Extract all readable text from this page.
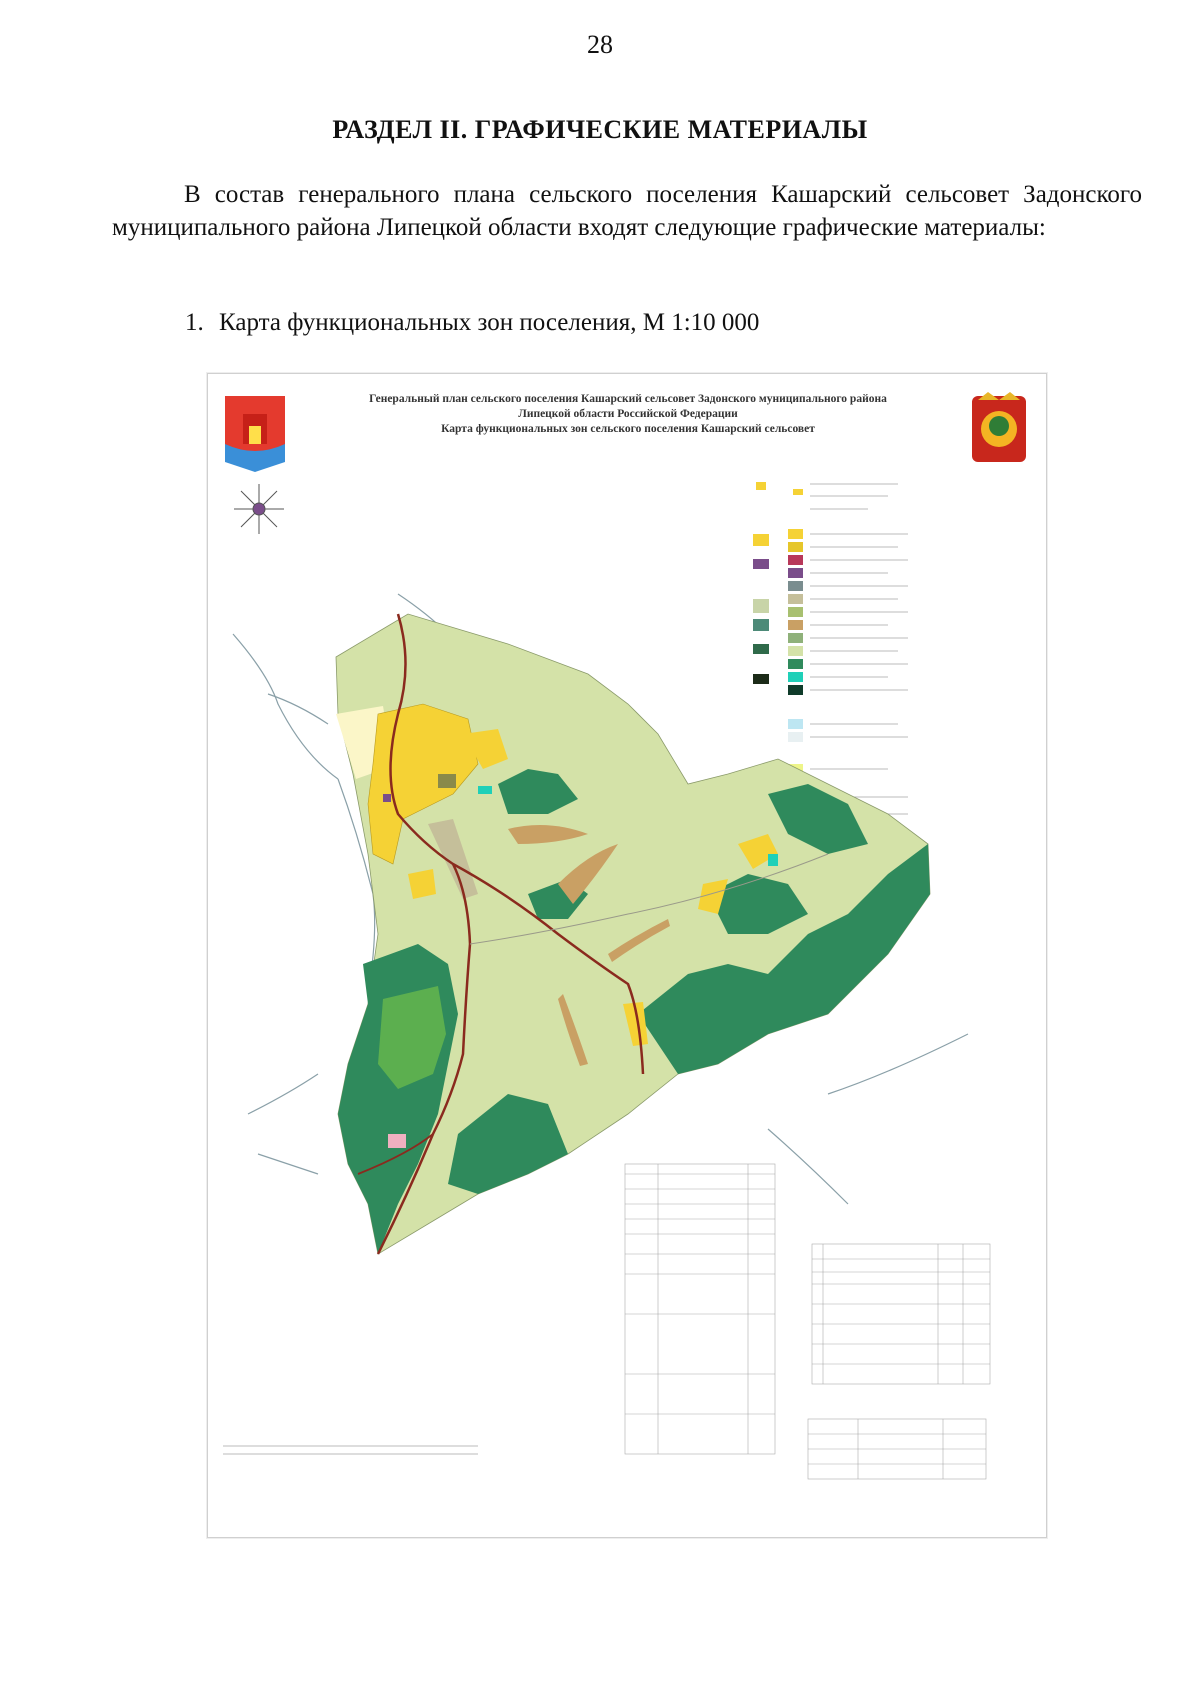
28
РАЗДЕЛ II. ГРАФИЧЕСКИЕ МАТЕРИАЛЫ

В состав генерального плана сельского поселения Кашарский сельсовет Задонского муниципального района Липецкой области входят следующие графические материалы:

1. Карта функциональных зон поселения, М 1:10 000
Генеральный план сельского поселения Кашарский сельсовет Задонского муниципального района
Липецкой области Российской Федерации
Карта функциональных зон сельского поселения Кашарский сельсовет
